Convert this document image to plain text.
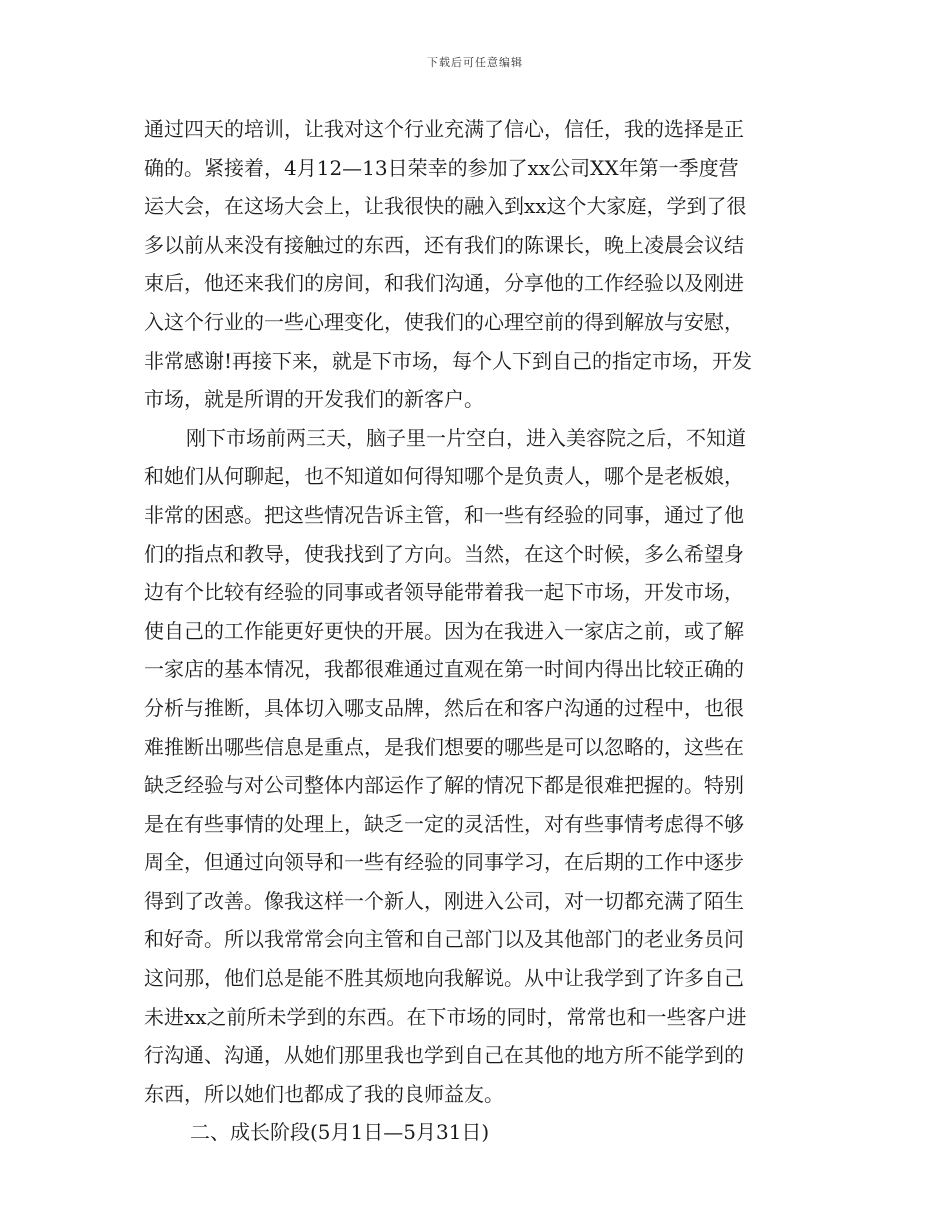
下载后可任意编辑
通过四天的培训，让我对这个行业充满了信心，信任，我的选择是正
确的。紧接着，4月12—13日荣幸的参加了xx公司XX年第一季度营
运大会，在这场大会上，让我很快的融入到xx这个大家庭，学到了很
多以前从来没有接触过的东西，还有我们的陈课长，晚上凌晨会议结
束后，他还来我们的房间，和我们沟通，分享他的工作经验以及刚进
入这个行业的一些心理变化，使我们的心理空前的得到解放与安慰，
非常感谢!再接下来，就是下市场，每个人下到自己的指定市场，开发
市场，就是所谓的开发我们的新客户。
刚下市场前两三天，脑子里一片空白，进入美容院之后，不知道
和她们从何聊起，也不知道如何得知哪个是负责人，哪个是老板娘，
非常的困惑。把这些情况告诉主管，和一些有经验的同事，通过了他
们的指点和教导，使我找到了方向。当然，在这个时候，多么希望身
边有个比较有经验的同事或者领导能带着我一起下市场，开发市场，
使自己的工作能更好更快的开展。因为在我进入一家店之前，或了解
一家店的基本情况，我都很难通过直观在第一时间内得出比较正确的
分析与推断，具体切入哪支品牌，然后在和客户沟通的过程中，也很
难推断出哪些信息是重点，是我们想要的哪些是可以忽略的，这些在
缺乏经验与对公司整体内部运作了解的情况下都是很难把握的。特别
是在有些事情的处理上，缺乏一定的灵活性，对有些事情考虑得不够
周全，但通过向领导和一些有经验的同事学习，在后期的工作中逐步
得到了改善。像我这样一个新人，刚进入公司，对一切都充满了陌生
和好奇。所以我常常会向主管和自己部门以及其他部门的老业务员问
这问那，他们总是能不胜其烦地向我解说。从中让我学到了许多自己
未进xx之前所未学到的东西。在下市场的同时，常常也和一些客户进
行沟通、沟通，从她们那里我也学到自己在其他的地方所不能学到的
东西，所以她们也都成了我的良师益友。
二、成长阶段(5月1日—5月31日)
